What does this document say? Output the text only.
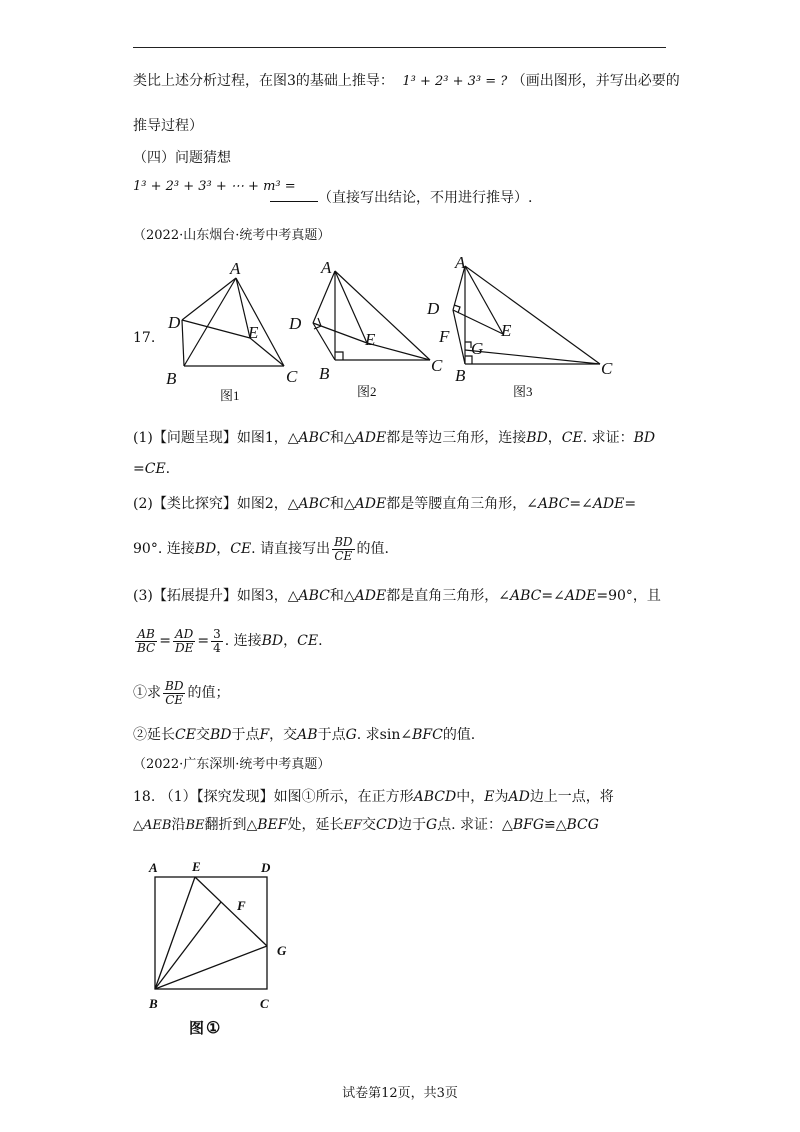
类比上述分析过程，在图3的基础上推导： 1³ + 2³ + 3³ = ? （画出图形，并写出必要的
推导过程）
（四）问题猜想
1³ + 2³ + 3³ + ⋯ + m³ =
（直接写出结论，不用进行推导）.
（2022·山东烟台·统考中考真题）
17.
A
D
E
B	C
图1
A
D
E
B	C
图2
A
D
E
F
G
B	C
图3
(1)【问题呈现】如图1，△ABC和△ADE都是等边三角形，连接BD，CE. 求证：BD
=CE.
(2)【类比探究】如图2，△ABC和△ADE都是等腰直角三角形，∠ABC=∠ADE=
90°. 连接BD，CE. 请直接写出 $\frac{BD}{CE}$ 的值.
(3)【拓展提升】如图3，△ABC和△ADE都是直角三角形，∠ABC=∠ADE=90°，且
$\frac{AB}{BC} = \frac{AD}{DE} = \frac{3}{4}$ . 连接BD，CE.
①求 $\frac{BD}{CE}$ 的值；
②延长CE交BD于点F，交AB于点G. 求sin∠BFC的值.
（2022·广东深圳·统考中考真题）
18. （1）【探究发现】如图①所示，在正方形ABCD中，E为AD边上一点，将
△AEB沿BE翻折到△BEF处，延长EF交CD边于G点. 求证：△BFG≌△BCG
A	E	D
F
G
B	C
图 ①
试卷第12页，共3页
